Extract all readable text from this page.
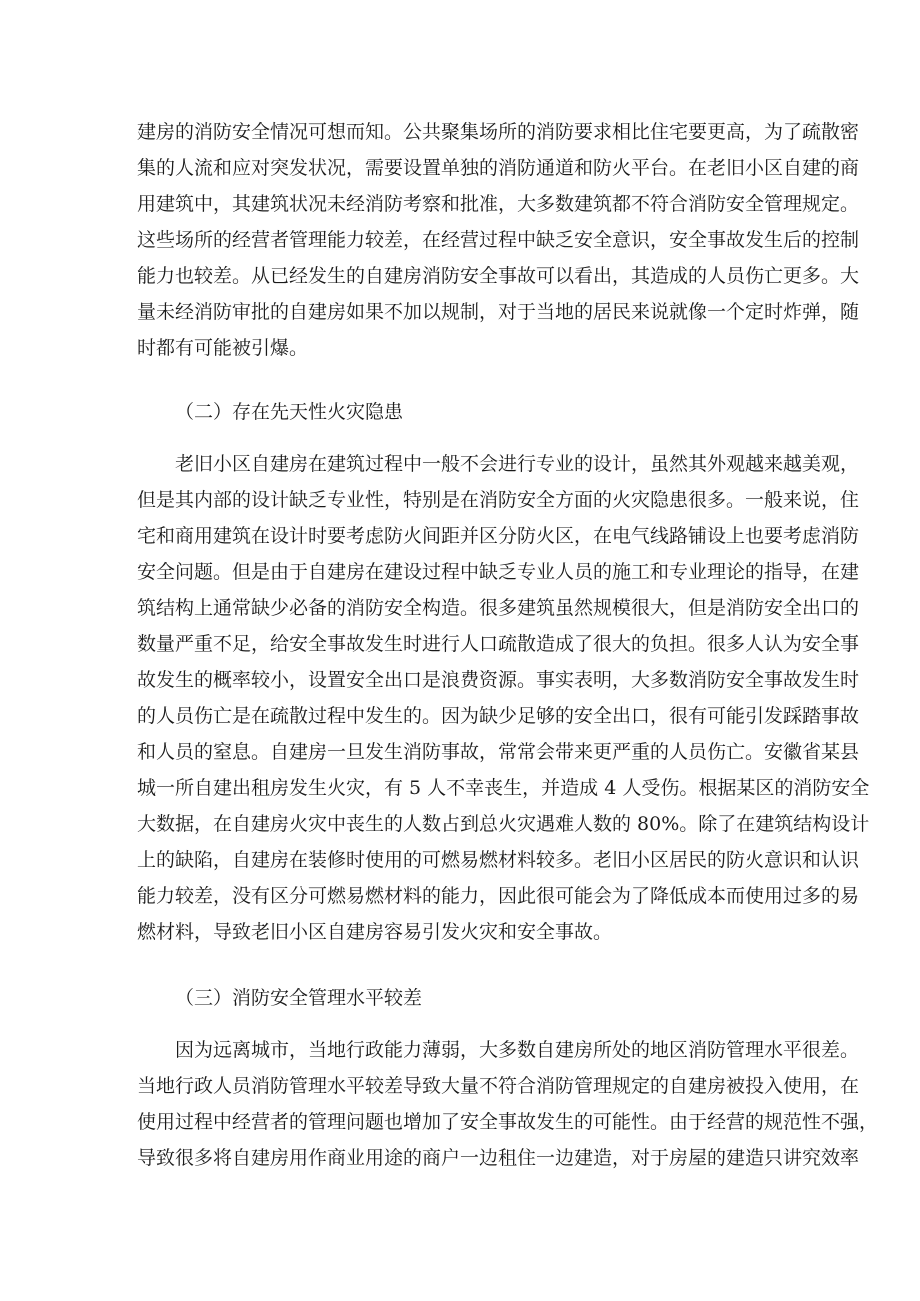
建房的消防安全情况可想而知。公共聚集场所的消防要求相比住宅要更高，为了疏散密
集的人流和应对突发状况，需要设置单独的消防通道和防火平台。在老旧小区自建的商
用建筑中，其建筑状况未经消防考察和批准，大多数建筑都不符合消防安全管理规定。
这些场所的经营者管理能力较差，在经营过程中缺乏安全意识，安全事故发生后的控制
能力也较差。从已经发生的自建房消防安全事故可以看出，其造成的人员伤亡更多。大
量未经消防审批的自建房如果不加以规制，对于当地的居民来说就像一个定时炸弹，随
时都有可能被引爆。
（二）存在先天性火灾隐患
老旧小区自建房在建筑过程中一般不会进行专业的设计，虽然其外观越来越美观，
但是其内部的设计缺乏专业性，特别是在消防安全方面的火灾隐患很多。一般来说，住
宅和商用建筑在设计时要考虑防火间距并区分防火区，在电气线路铺设上也要考虑消防
安全问题。但是由于自建房在建设过程中缺乏专业人员的施工和专业理论的指导，在建
筑结构上通常缺少必备的消防安全构造。很多建筑虽然规模很大，但是消防安全出口的
数量严重不足，给安全事故发生时进行人口疏散造成了很大的负担。很多人认为安全事
故发生的概率较小，设置安全出口是浪费资源。事实表明，大多数消防安全事故发生时
的人员伤亡是在疏散过程中发生的。因为缺少足够的安全出口，很有可能引发踩踏事故
和人员的窒息。自建房一旦发生消防事故，常常会带来更严重的人员伤亡。安徽省某县
城一所自建出租房发生火灾，有 5 人不幸丧生，并造成 4 人受伤。根据某区的消防安全
大数据，在自建房火灾中丧生的人数占到总火灾遇难人数的 80%。除了在建筑结构设计
上的缺陷，自建房在装修时使用的可燃易燃材料较多。老旧小区居民的防火意识和认识
能力较差，没有区分可燃易燃材料的能力，因此很可能会为了降低成本而使用过多的易
燃材料，导致老旧小区自建房容易引发火灾和安全事故。
（三）消防安全管理水平较差
因为远离城市，当地行政能力薄弱，大多数自建房所处的地区消防管理水平很差。
当地行政人员消防管理水平较差导致大量不符合消防管理规定的自建房被投入使用，在
使用过程中经营者的管理问题也增加了安全事故发生的可能性。由于经营的规范性不强，
导致很多将自建房用作商业用途的商户一边租住一边建造，对于房屋的建造只讲究效率
